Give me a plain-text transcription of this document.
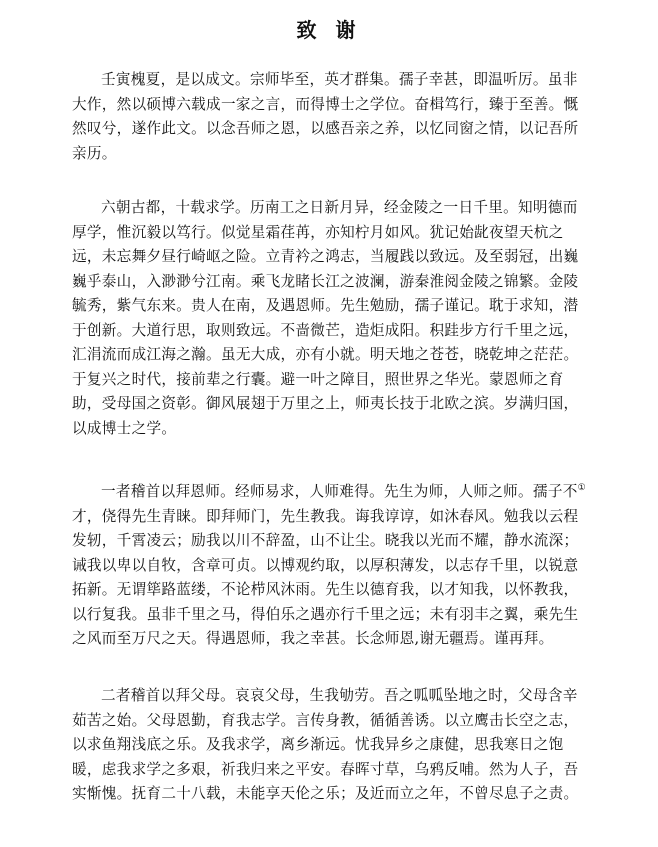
致 谢
壬寅槐夏，是以成文。宗师毕至，英才群集。孺子幸甚，即温听厉。虽非
大作，然以硕博六载成一家之言，而得博士之学位。奋楫笃行，臻于至善。慨
然叹兮，遂作此文。以念吾师之恩，以感吾亲之养，以忆同窗之情，以记吾所
亲历。
六朝古都，十载求学。历南工之日新月异，经金陵之一日千里。知明德而
厚学，惟沉毅以笃行。似觉星霜荏苒，亦知柠月如风。犹记始龀夜望天杭之
远，未忘舞夕昼行崎岖之险。立青衿之鸿志，当履践以致远。及至弱冠，出巍
巍乎泰山，入渺渺兮江南。乘飞龙睹长江之波澜，游秦淮阅金陵之锦繁。金陵
毓秀，紫气东来。贵人在南，及遇恩师。先生勉励，孺子谨记。耽于求知，潜
于创新。大道行思，取则致远。不啬微芒，造炬成阳。积跬步方行千里之远，
汇涓流而成江海之瀚。虽无大成，亦有小就。明天地之苍苍，晓乾坤之茫茫。
于复兴之时代，接前辈之行囊。避一叶之障目，照世界之华光。蒙恩师之育
助，受母国之资彰。御风展翅于万里之上，师夷长技于北欧之滨。岁满归国，
以成博士之学。
一者稽首以拜恩师。经师易求，人师难得。先生为师，人师之师。孺子不①
才，侥得先生青睐。即拜师门，先生教我。诲我谆谆，如沐春风。勉我以云程
发轫，千霄凌云；励我以川不辞盈，山不让尘。晓我以光而不耀，静水流深；
诫我以卑以自牧，含章可贞。以博观约取，以厚积薄发，以志存千里，以锐意
拓新。无谓筚路蓝缕，不论栉风沐雨。先生以德育我，以才知我，以怀教我，
以行复我。虽非千里之马，得伯乐之遇亦行千里之远；未有羽丰之翼，乘先生
之风而至万尺之天。得遇恩师，我之幸甚。长念师恩,谢无疆焉。谨再拜。
二者稽首以拜父母。哀哀父母，生我劬劳。吾之呱呱坠地之时，父母含辛
茹苦之始。父母恩勤，育我志学。言传身教，循循善诱。以立鹰击长空之志，
以求鱼翔浅底之乐。及我求学，离乡渐远。忧我异乡之康健，思我寒日之饱
暖，虑我求学之多艰，祈我归来之平安。春晖寸草，乌鸦反哺。然为人子，吾
实惭愧。抚育二十八载，未能享天伦之乐；及近而立之年，不曾尽息子之责。
